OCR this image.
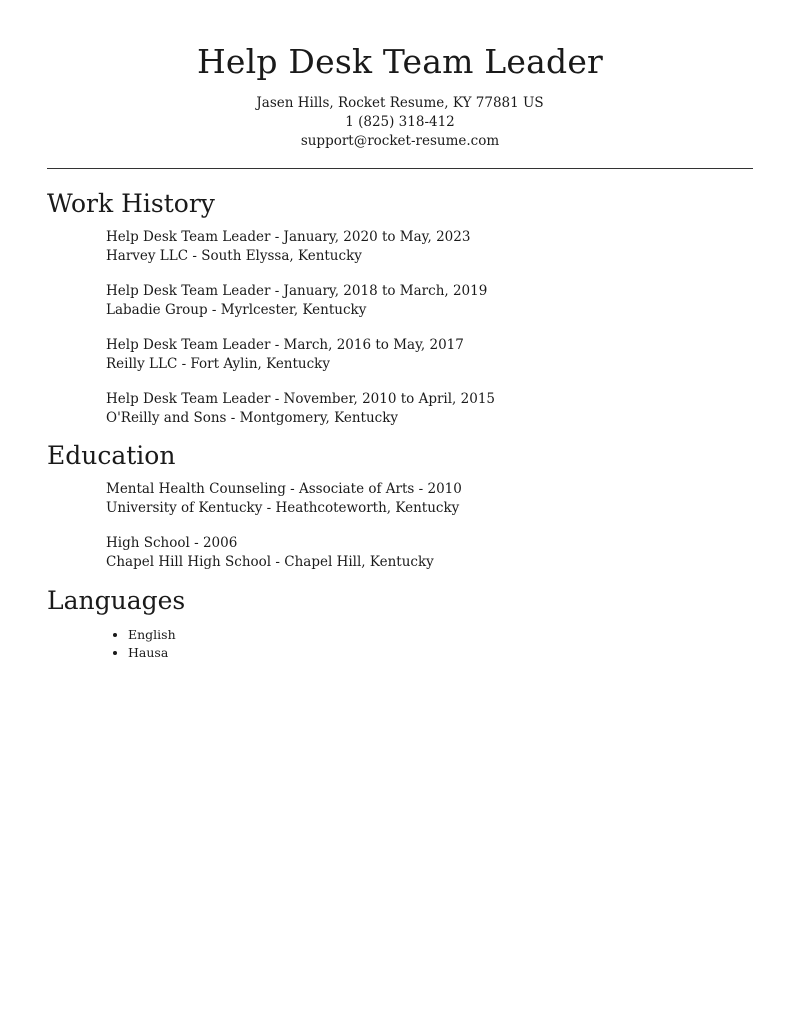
Help Desk Team Leader
Jasen Hills, Rocket Resume, KY 77881 US
1 (825) 318-412
support@rocket-resume.com
Work History
Help Desk Team Leader - January, 2020 to May, 2023
Harvey LLC - South Elyssa, Kentucky
Help Desk Team Leader - January, 2018 to March, 2019
Labadie Group - Myrlcester, Kentucky
Help Desk Team Leader - March, 2016 to May, 2017
Reilly LLC - Fort Aylin, Kentucky
Help Desk Team Leader - November, 2010 to April, 2015
O'Reilly and Sons - Montgomery, Kentucky
Education
Mental Health Counseling - Associate of Arts - 2010
University of Kentucky - Heathcoteworth, Kentucky
High School - 2006
Chapel Hill High School - Chapel Hill, Kentucky
Languages
• English
• Hausa
